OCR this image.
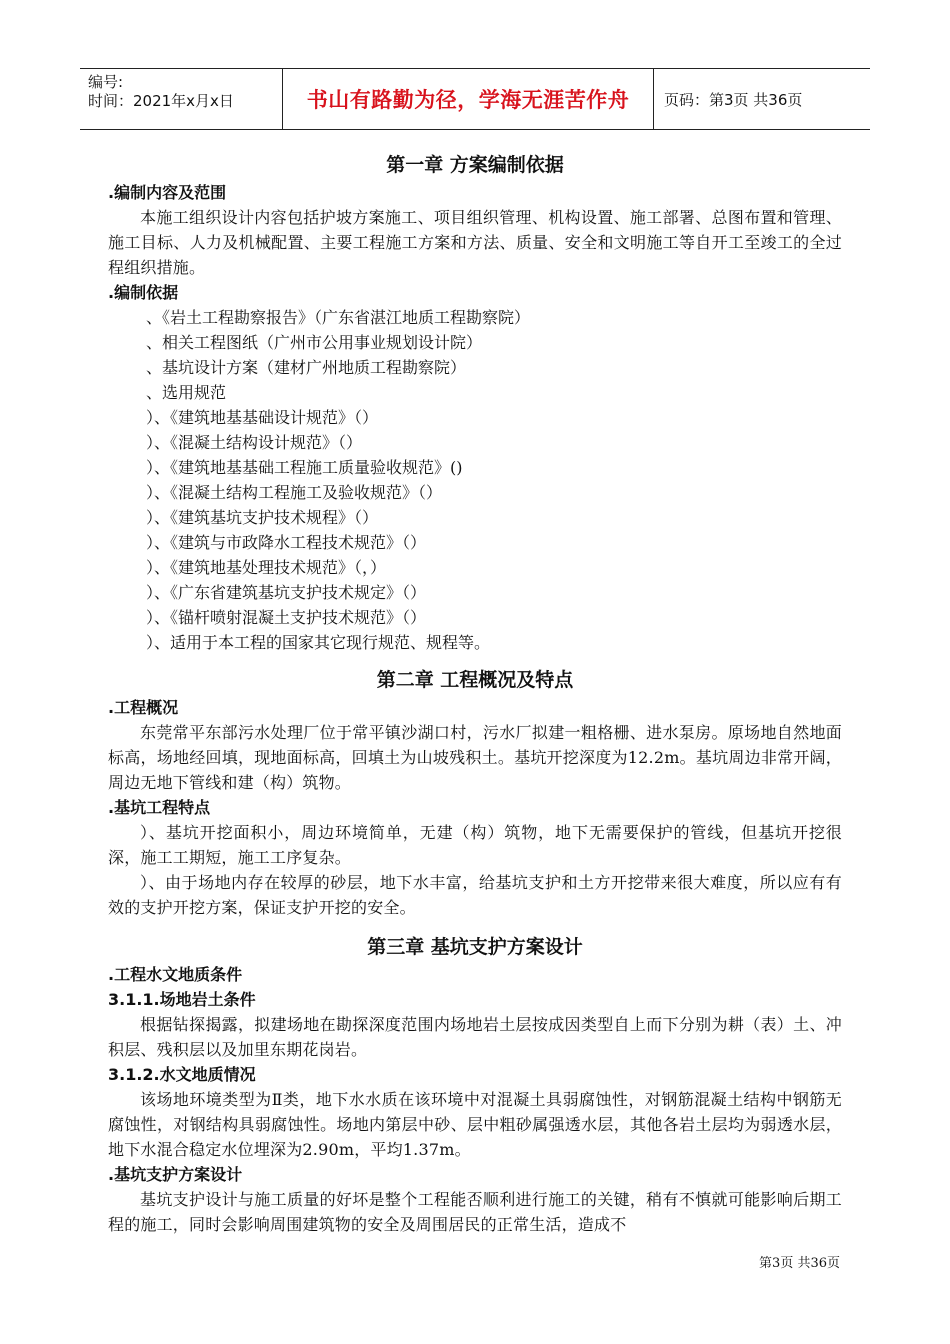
编号:
时间：2021年x月x日	书山有路勤为径，学海无涯苦作舟	页码：第3页 共36页
第一章 方案编制依据
.编制内容及范围

本施工组织设计内容包括护坡方案施工、项目组织管理、机构设置、施工部署、总图布置和管理、施工目标、人力及机械配置、主要工程施工方案和方法、质量、安全和文明施工等自开工至竣工的全过程组织措施。

.编制依据

、《岩土工程勘察报告》（广东省湛江地质工程勘察院）

、相关工程图纸（广州市公用事业规划设计院）

、基坑设计方案（建材广州地质工程勘察院）

、选用规范

）、《建筑地基基础设计规范》（）

）、《混凝土结构设计规范》（）

）、《建筑地基基础工程施工质量验收规范》()

）、《混凝土结构工程施工及验收规范》（）

）、《建筑基坑支护技术规程》（）

）、《建筑与市政降水工程技术规范》（）

）、《建筑地基处理技术规范》（，）

）、《广东省建筑基坑支护技术规定》（）

）、《锚杆喷射混凝土支护技术规范》（）

）、适用于本工程的国家其它现行规范、规程等。

第二章 工程概况及特点
.工程概况

东莞常平东部污水处理厂位于常平镇沙湖口村，污水厂拟建一粗格栅、进水泵房。原场地自然地面标高，场地经回填，现地面标高，回填土为山坡残积土。基坑开挖深度为12.2m。基坑周边非常开阔，周边无地下管线和建（构）筑物。

.基坑工程特点

）、基坑开挖面积小，周边环境简单，无建（构）筑物，地下无需要保护的管线，但基坑开挖很深，施工工期短，施工工序复杂。

）、由于场地内存在较厚的砂层，地下水丰富，给基坑支护和土方开挖带来很大难度，所以应有有效的支护开挖方案，保证支护开挖的安全。

第三章 基坑支护方案设计
.工程水文地质条件
3.1.1.场地岩土条件

根据钻探揭露，拟建场地在勘探深度范围内场地岩土层按成因类型自上而下分别为耕（表）土、冲积层、残积层以及加里东期花岗岩。

3.1.2.水文地质情况

该场地环境类型为Ⅱ类，地下水水质在该环境中对混凝土具弱腐蚀性，对钢筋混凝土结构中钢筋无腐蚀性，对钢结构具弱腐蚀性。场地内第层中砂、层中粗砂属强透水层，其他各岩土层均为弱透水层，地下水混合稳定水位埋深为2.90m，平均1.37m。

.基坑支护方案设计

基坑支护设计与施工质量的好坏是整个工程能否顺利进行施工的关键，稍有不慎就可能影响后期工程的施工，同时会影响周围建筑物的安全及周围居民的正常生活，造成不

第3页 共36页
